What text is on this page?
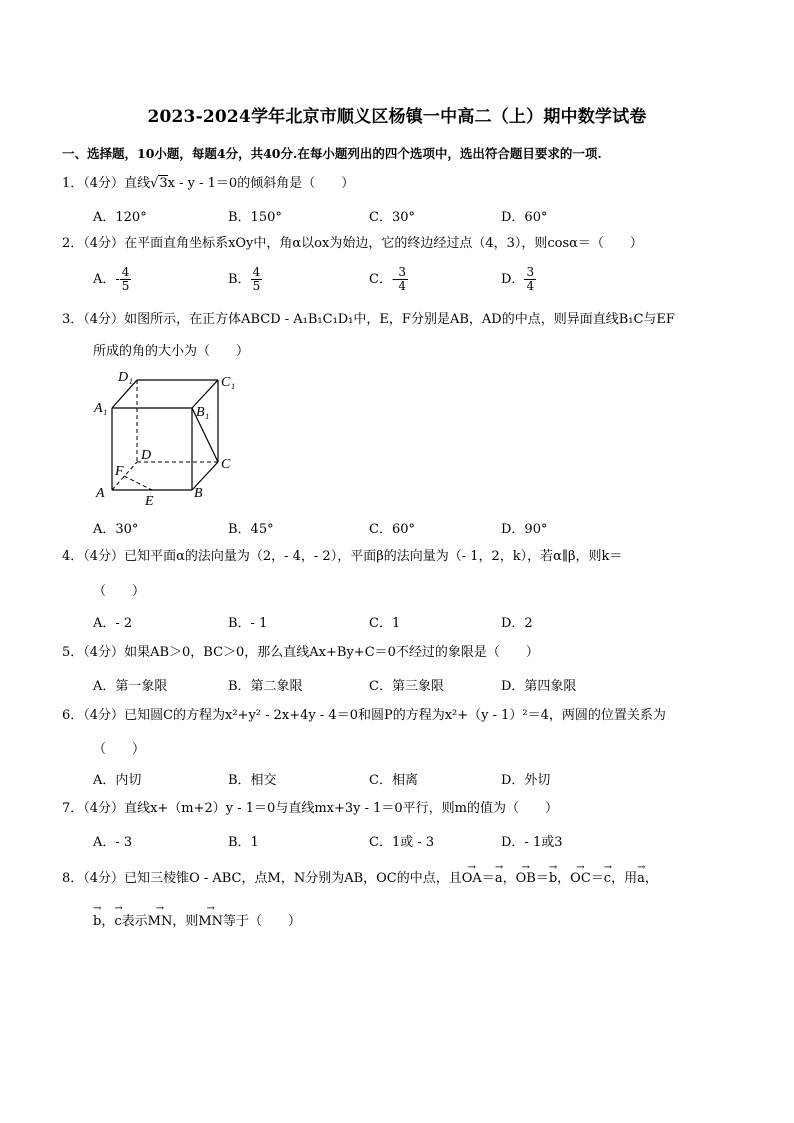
2023-2024学年北京市顺义区杨镇一中高二（上）期中数学试卷
一、选择题，10小题，每题4分，共40分.在每小题列出的四个选项中，选出符合题目要求的一项.
1．（4分）直线√3x - y - 1＝0的倾斜角是（　　）
A．120°	B．150°	C．30°	D．60°
2．（4分）在平面直角坐标系xOy中，角α以ox为始边，它的终边经过点（4，3），则cosα＝（　　）
A．- $\frac{4}{5}$	B． $\frac{4}{5}$	C．- $\frac{3}{4}$	D． $\frac{3}{4}$
3．（4分）如图所示，在正方体ABCD - A₁B₁C₁D₁中，E，F分别是AB，AD的中点，则异面直线B₁C与EF
所成的角的大小为（　　）
D₁	C₁
A₁	B₁
D
C
F
A
E
B
A．30°	B．45°	C．60°	D．90°
4．（4分）已知平面α的法向量为（2，- 4，- 2），平面β的法向量为（- 1，2，k），若α∥β，则k＝
（　　）
A．- 2	B．- 1	C．1	D．2
5．（4分）如果AB＞0，BC＞0，那么直线Ax+By+C＝0不经过的象限是（　　）
A．第一象限	B．第二象限	C．第三象限	D．第四象限
6．（4分）已知圆C的方程为x²+y² - 2x+4y - 4＝0和圆P的方程为x²+（y - 1）²＝4，两圆的位置关系为
（　　）
A．内切	B．相交	C．相离	D．外切
7．（4分）直线x+（m+2）y - 1＝0与直线mx+3y - 1＝0平行，则m的值为（　　）
A．- 3	B．1	C．1或 - 3	D．- 1或3
8．（4分）已知三棱锥O - ABC，点M，N分别为AB，OC的中点，且→ OA＝→ a，→ OB＝→ b，→ OC＝→ c，用→ a，
→ b，→ c表示→ MN，则→ MN等于（　　）
